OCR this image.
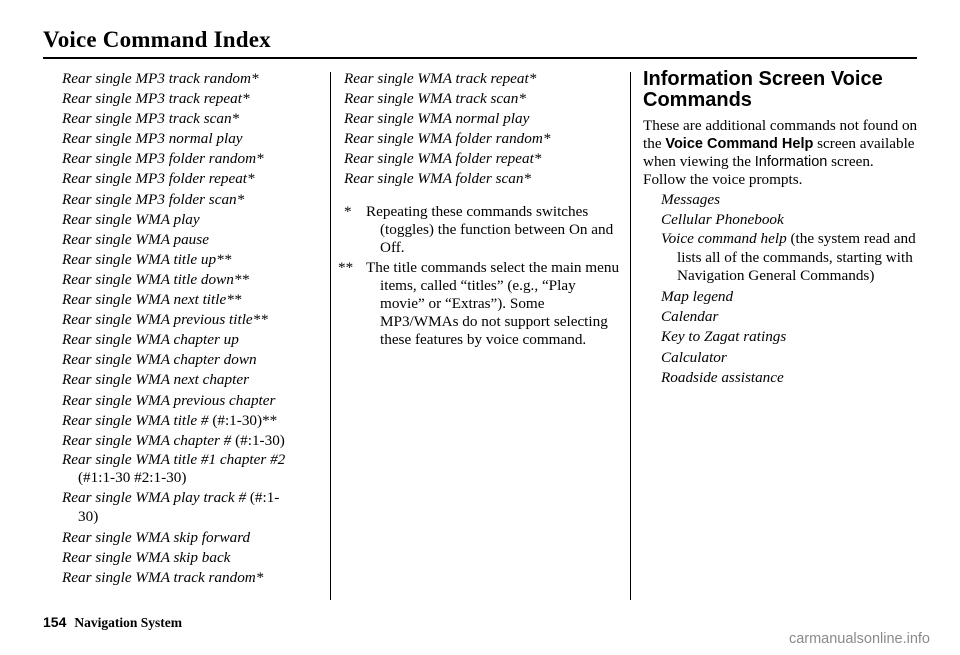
Voice Command Index
Rear single MP3 track random*
Rear single MP3 track repeat*
Rear single MP3 track scan*
Rear single MP3 normal play
Rear single MP3 folder random*
Rear single MP3 folder repeat*
Rear single MP3 folder scan*
Rear single WMA play
Rear single WMA pause
Rear single WMA title up**
Rear single WMA title down**
Rear single WMA next title**
Rear single WMA previous title**
Rear single WMA chapter up
Rear single WMA chapter down
Rear single WMA next chapter
Rear single WMA previous chapter
Rear single WMA title # (#:1-30)**
Rear single WMA chapter # (#:1-30)
Rear single WMA title #1 chapter #2 (#1:1-30 #2:1-30)
Rear single WMA play track # (#:1-30)
Rear single WMA skip forward
Rear single WMA skip back
Rear single WMA track random*
Rear single WMA track repeat*
Rear single WMA track scan*
Rear single WMA normal play
Rear single WMA folder random*
Rear single WMA folder repeat*
Rear single WMA folder scan*
* Repeating these commands switches (toggles) the function between On and Off.
** The title commands select the main menu items, called “titles” (e.g., “Play movie” or “Extras”). Some MP3/WMAs do not support selecting these features by voice command.
Information Screen Voice Commands
These are additional commands not found on the Voice Command Help screen available when viewing the Information screen. Follow the voice prompts.
Messages
Cellular Phonebook
Voice command help (the system read and lists all of the commands, starting with Navigation General Commands)
Map legend
Calendar
Key to Zagat ratings
Calculator
Roadside assistance
154 Navigation System
carmanualsonline.info
